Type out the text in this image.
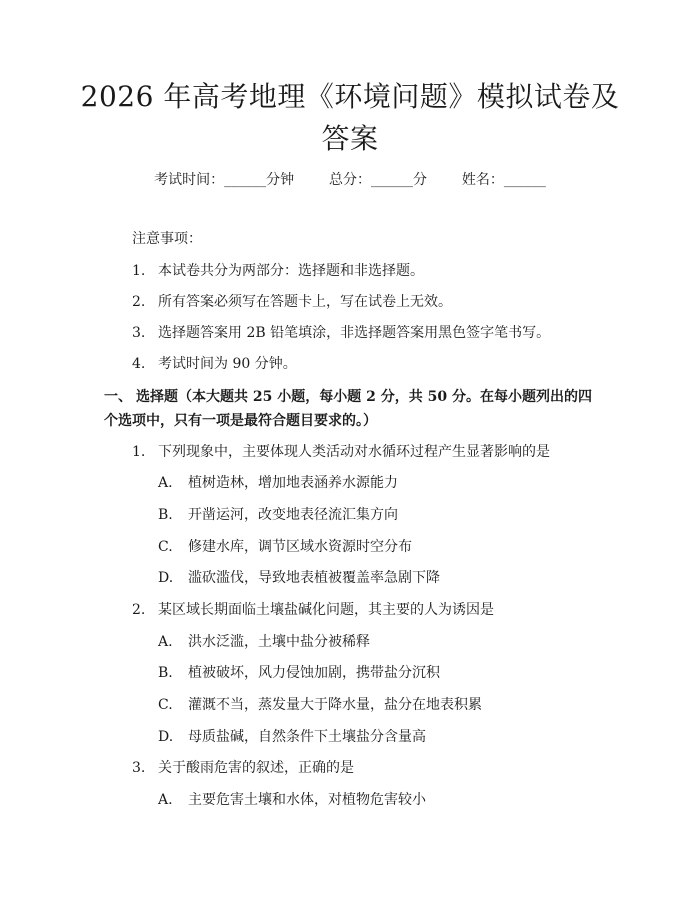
2026 年高考地理《环境问题》模拟试卷及答案
考试时间：______分钟 总分：______分 姓名：______
注意事项：
1. 本试卷共分为两部分：选择题和非选择题。
2. 所有答案必须写在答题卡上，写在试卷上无效。
3. 选择题答案用 2B 铅笔填涂，非选择题答案用黑色签字笔书写。
4. 考试时间为 90 分钟。
一、 选择题（本大题共 25 小题，每小题 2 分，共 50 分。在每小题列出的四个选项中，只有一项是最符合题目要求的。）
1. 下列现象中，主要体现人类活动对水循环过程产生显著影响的是
A. 植树造林，增加地表涵养水源能力
B. 开凿运河，改变地表径流汇集方向
C. 修建水库，调节区域水资源时空分布
D. 滥砍滥伐，导致地表植被覆盖率急剧下降
2. 某区域长期面临土壤盐碱化问题，其主要的人为诱因是
A. 洪水泛滥，土壤中盐分被稀释
B. 植被破坏，风力侵蚀加剧，携带盐分沉积
C. 灌溉不当，蒸发量大于降水量，盐分在地表积累
D. 母质盐碱，自然条件下土壤盐分含量高
3. 关于酸雨危害的叙述，正确的是
A. 主要危害土壤和水体，对植物危害较小
